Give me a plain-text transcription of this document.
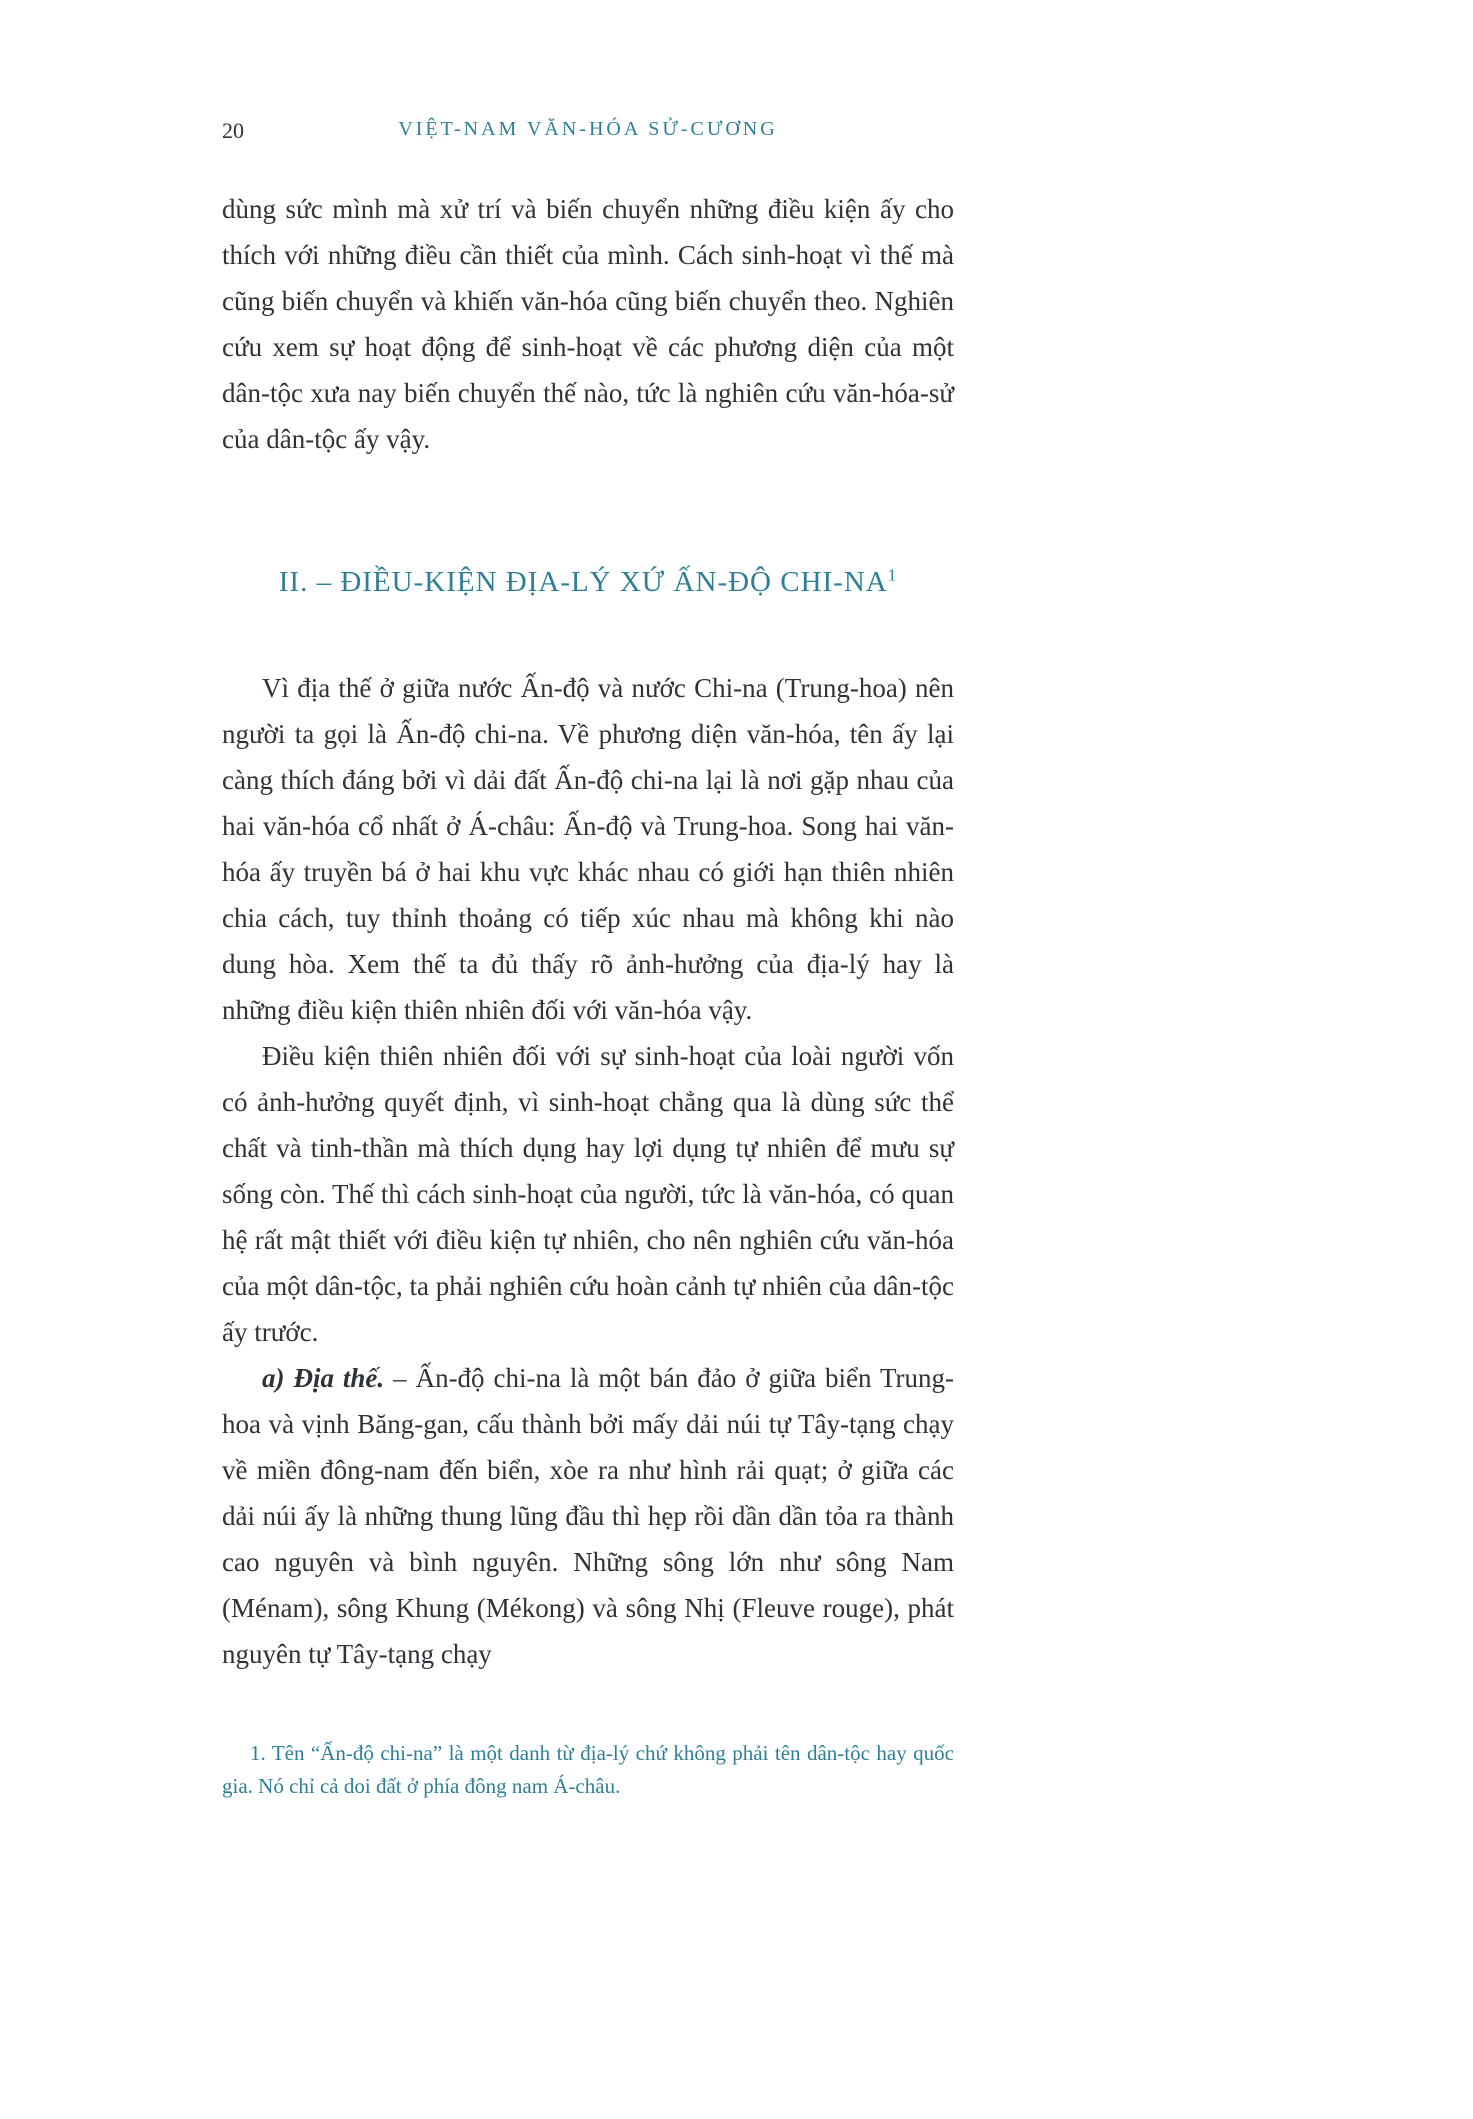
20	VIỆT-NAM VĂN-HÓA SỬ-CƯƠNG

dùng sức mình mà xử trí và biến chuyển những điều kiện ấy cho thích với những điều cần thiết của mình. Cách sinh-hoạt vì thế mà cũng biến chuyển và khiến văn-hóa cũng biến chuyển theo. Nghiên cứu xem sự hoạt động để sinh-hoạt về các phương diện của một dân-tộc xưa nay biến chuyển thế nào, tức là nghiên cứu văn-hóa-sử của dân-tộc ấy vậy.

II. – ĐIỀU-KIỆN ĐỊA-LÝ XỨ ẤN-ĐỘ CHI-$NA^1$

Vì địa thế ở giữa nước Ấn-độ và nước Chi-na (Trung-hoa) nên người ta gọi là Ấn-độ chi-na. Về phương diện văn-hóa, tên ấy lại càng thích đáng bởi vì dải đất Ấn-độ chi-na lại là nơi gặp nhau của hai văn-hóa cổ nhất ở Á-châu: Ấn-độ và Trung-hoa. Song hai văn-hóa ấy truyền bá ở hai khu vực khác nhau có giới hạn thiên nhiên chia cách, tuy thỉnh thoảng có tiếp xúc nhau mà không khi nào dung hòa. Xem thế ta đủ thấy rõ ảnh-hưởng của địa-lý hay là những điều kiện thiên nhiên đối với văn-hóa vậy.

Điều kiện thiên nhiên đối với sự sinh-hoạt của loài người vốn có ảnh-hưởng quyết định, vì sinh-hoạt chẳng qua là dùng sức thể chất và tinh-thần mà thích dụng hay lợi dụng tự nhiên để mưu sự sống còn. Thế thì cách sinh-hoạt của người, tức là văn-hóa, có quan hệ rất mật thiết với điều kiện tự nhiên, cho nên nghiên cứu văn-hóa của một dân-tộc, ta phải nghiên cứu hoàn cảnh tự nhiên của dân-tộc ấy trước.

a) Địa thế. – Ấn-độ chi-na là một bán đảo ở giữa biển Trung-hoa và vịnh Băng-gan, cấu thành bởi mấy dải núi tự Tây-tạng chạy về miền đông-nam đến biển, xòe ra như hình rải quạt; ở giữa các dải núi ấy là những thung lũng đầu thì hẹp rồi dần dần tỏa ra thành cao nguyên và bình nguyên. Những sông lớn như sông Nam (Ménam), sông Khung (Mékong) và sông Nhị (Fleuve rouge), phát nguyên tự Tây-tạng chạy

1. Tên “Ấn-độ chi-na” là một danh từ địa-lý chứ không phải tên dân-tộc hay quốc gia. Nó chỉ cả doi đất ở phía đông nam Á-châu.
